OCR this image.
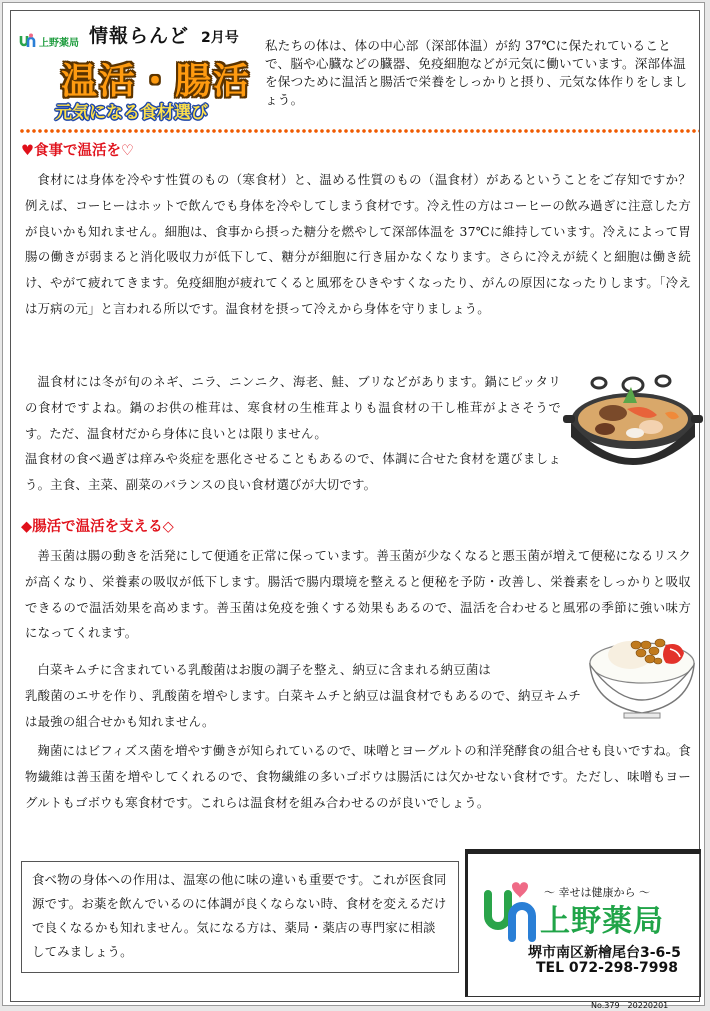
上野薬局 情報らんど 2月号
温活・腸活
元気になる食材選び
私たちの体は、体の中心部（深部体温）が約 37℃に保たれていることで、脳や心臓などの臓器、免疫細胞などが元気に働いています。深部体温を保つために温活と腸活で栄養をしっかりと摂り、元気な体作りをしましょう。
♥食事で温活を♡

食材には身体を冷やす性質のもの（寒食材）と、温める性質のもの（温食材）があるということをご存知ですか？例えば、コーヒーはホットで飲んでも身体を冷やしてしまう食材です。冷え性の方はコーヒーの飲み過ぎに注意した方が良いかも知れません。細胞は、食事から摂った糖分を燃やして深部体温を 37℃に維持しています。冷えによって胃腸の働きが弱まると消化吸収力が低下して、糖分が細胞に行き届かなくなります。さらに冷えが続くと細胞は働き続け、やがて疲れてきます。免疫細胞が疲れてくると風邪をひきやすくなったり、がんの原因になったりします。「冷えは万病の元」と言われる所以です。温食材を摂って冷えから身体を守りましょう。

温食材には冬が旬のネギ、ニラ、ニンニク、海老、鮭、ブリなどがあります。鍋にピッタリの食材ですよね。鍋のお供の椎茸は、寒食材の生椎茸よりも温食材の干し椎茸がよさそうです。ただ、温食材だから身体に良いとは限りません。

温食材の食べ過ぎは痒みや炎症を悪化させることもあるので、体調に合せた食材を選びましょう。主食、主菜、副菜のバランスの良い食材選びが大切です。

◆腸活で温活を支える◇

善玉菌は腸の動きを活発にして便通を正常に保っています。善玉菌が少なくなると悪玉菌が増えて便秘になるリスクが高くなり、栄養素の吸収が低下します。腸活で腸内環境を整えると便秘を予防・改善し、栄養素をしっかりと吸収できるので温活効果を高めます。善玉菌は免疫を強くする効果もあるので、温活を合わせると風邪の季節に強い味方になってくれます。

白菜キムチに含まれている乳酸菌はお腹の調子を整え、納豆に含まれる納豆菌は

乳酸菌のエサを作り、乳酸菌を増やします。白菜キムチと納豆は温食材でもあるので、納豆キムチは最強の組合せかも知れません。

麹菌にはビフィズス菌を増やす働きが知られているので、味噌とヨーグルトの和洋発酵食の組合せも良いですね。食物繊維は善玉菌を増やしてくれるので、食物繊維の多いゴボウは腸活には欠かせない食材です。ただし、味噌もヨーグルトもゴボウも寒食材です。これらは温食材を組み合わせるのが良いでしょう。

食べ物の身体への作用は、温寒の他に味の違いも重要です。これが医食同源です。お薬を飲んでいるのに体調が良くならない時、食材を変えるだけで良くなるかも知れません。気になる方は、薬局・薬店の専門家に相談してみましょう。
～ 幸せは健康から ～
上野薬局
堺市南区新檜尾台3-6-5
TEL 072-298-7998
No.379　20220201
